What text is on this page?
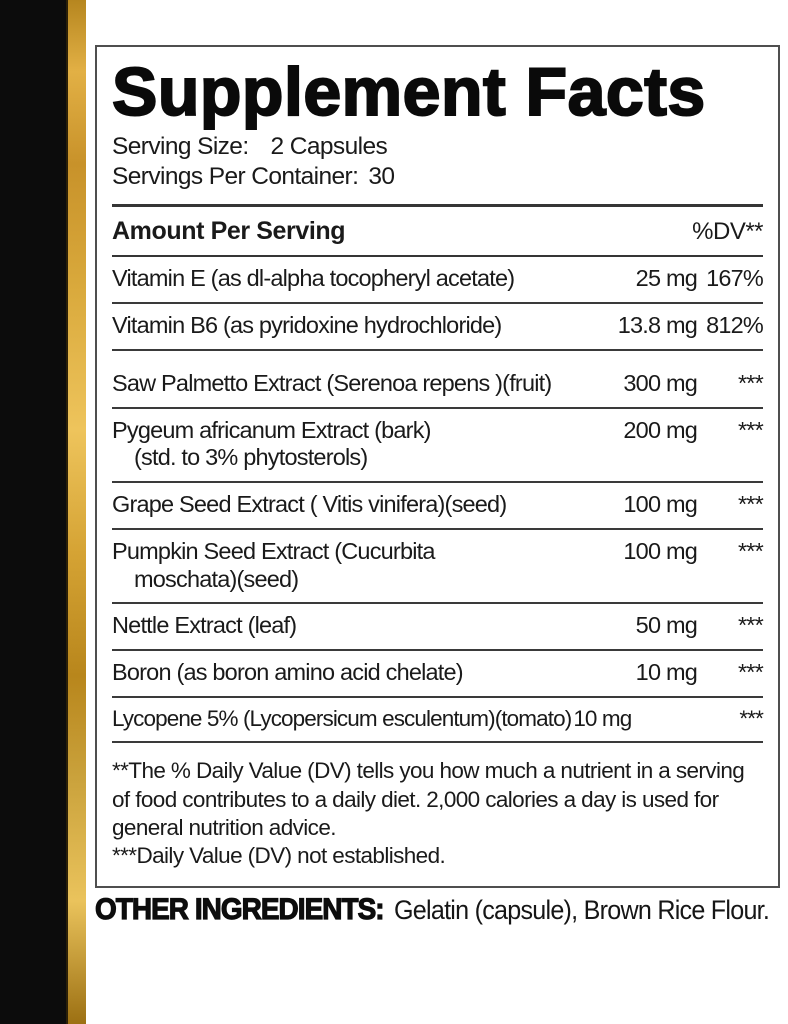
Supplement Facts
Serving Size: 2 Capsules
Servings Per Container: 30
Amount Per Serving	%DV**
Vitamin E (as dl-alpha tocopheryl acetate)	25 mg 167%
Vitamin B6 (as pyridoxine hydrochloride)	13.8 mg 812%
Saw Palmetto Extract (Serenoa repens )(fruit)	300 mg	***
Pygeum africanum Extract (bark)
(std. to 3% phytosterols)
200 mg	***
Grape Seed Extract ( Vitis vinifera)(seed)	100 mg	***
Pumpkin Seed Extract (Cucurbita
moschata)(seed)
100 mg	***
Nettle Extract (leaf)	50 mg	***
Boron (as boron amino acid chelate)	10 mg	***
Lycopene 5% (Lycopersicum esculentum)(tomato) 10 mg	***

**The % Daily Value (DV) tells you how much a nutrient in a serving of food contributes to a daily diet. 2,000 calories a day is used for general nutrition advice.

***Daily Value (DV) not established.

OTHER INGREDIENTS: Gelatin (capsule), Brown Rice Flour.
